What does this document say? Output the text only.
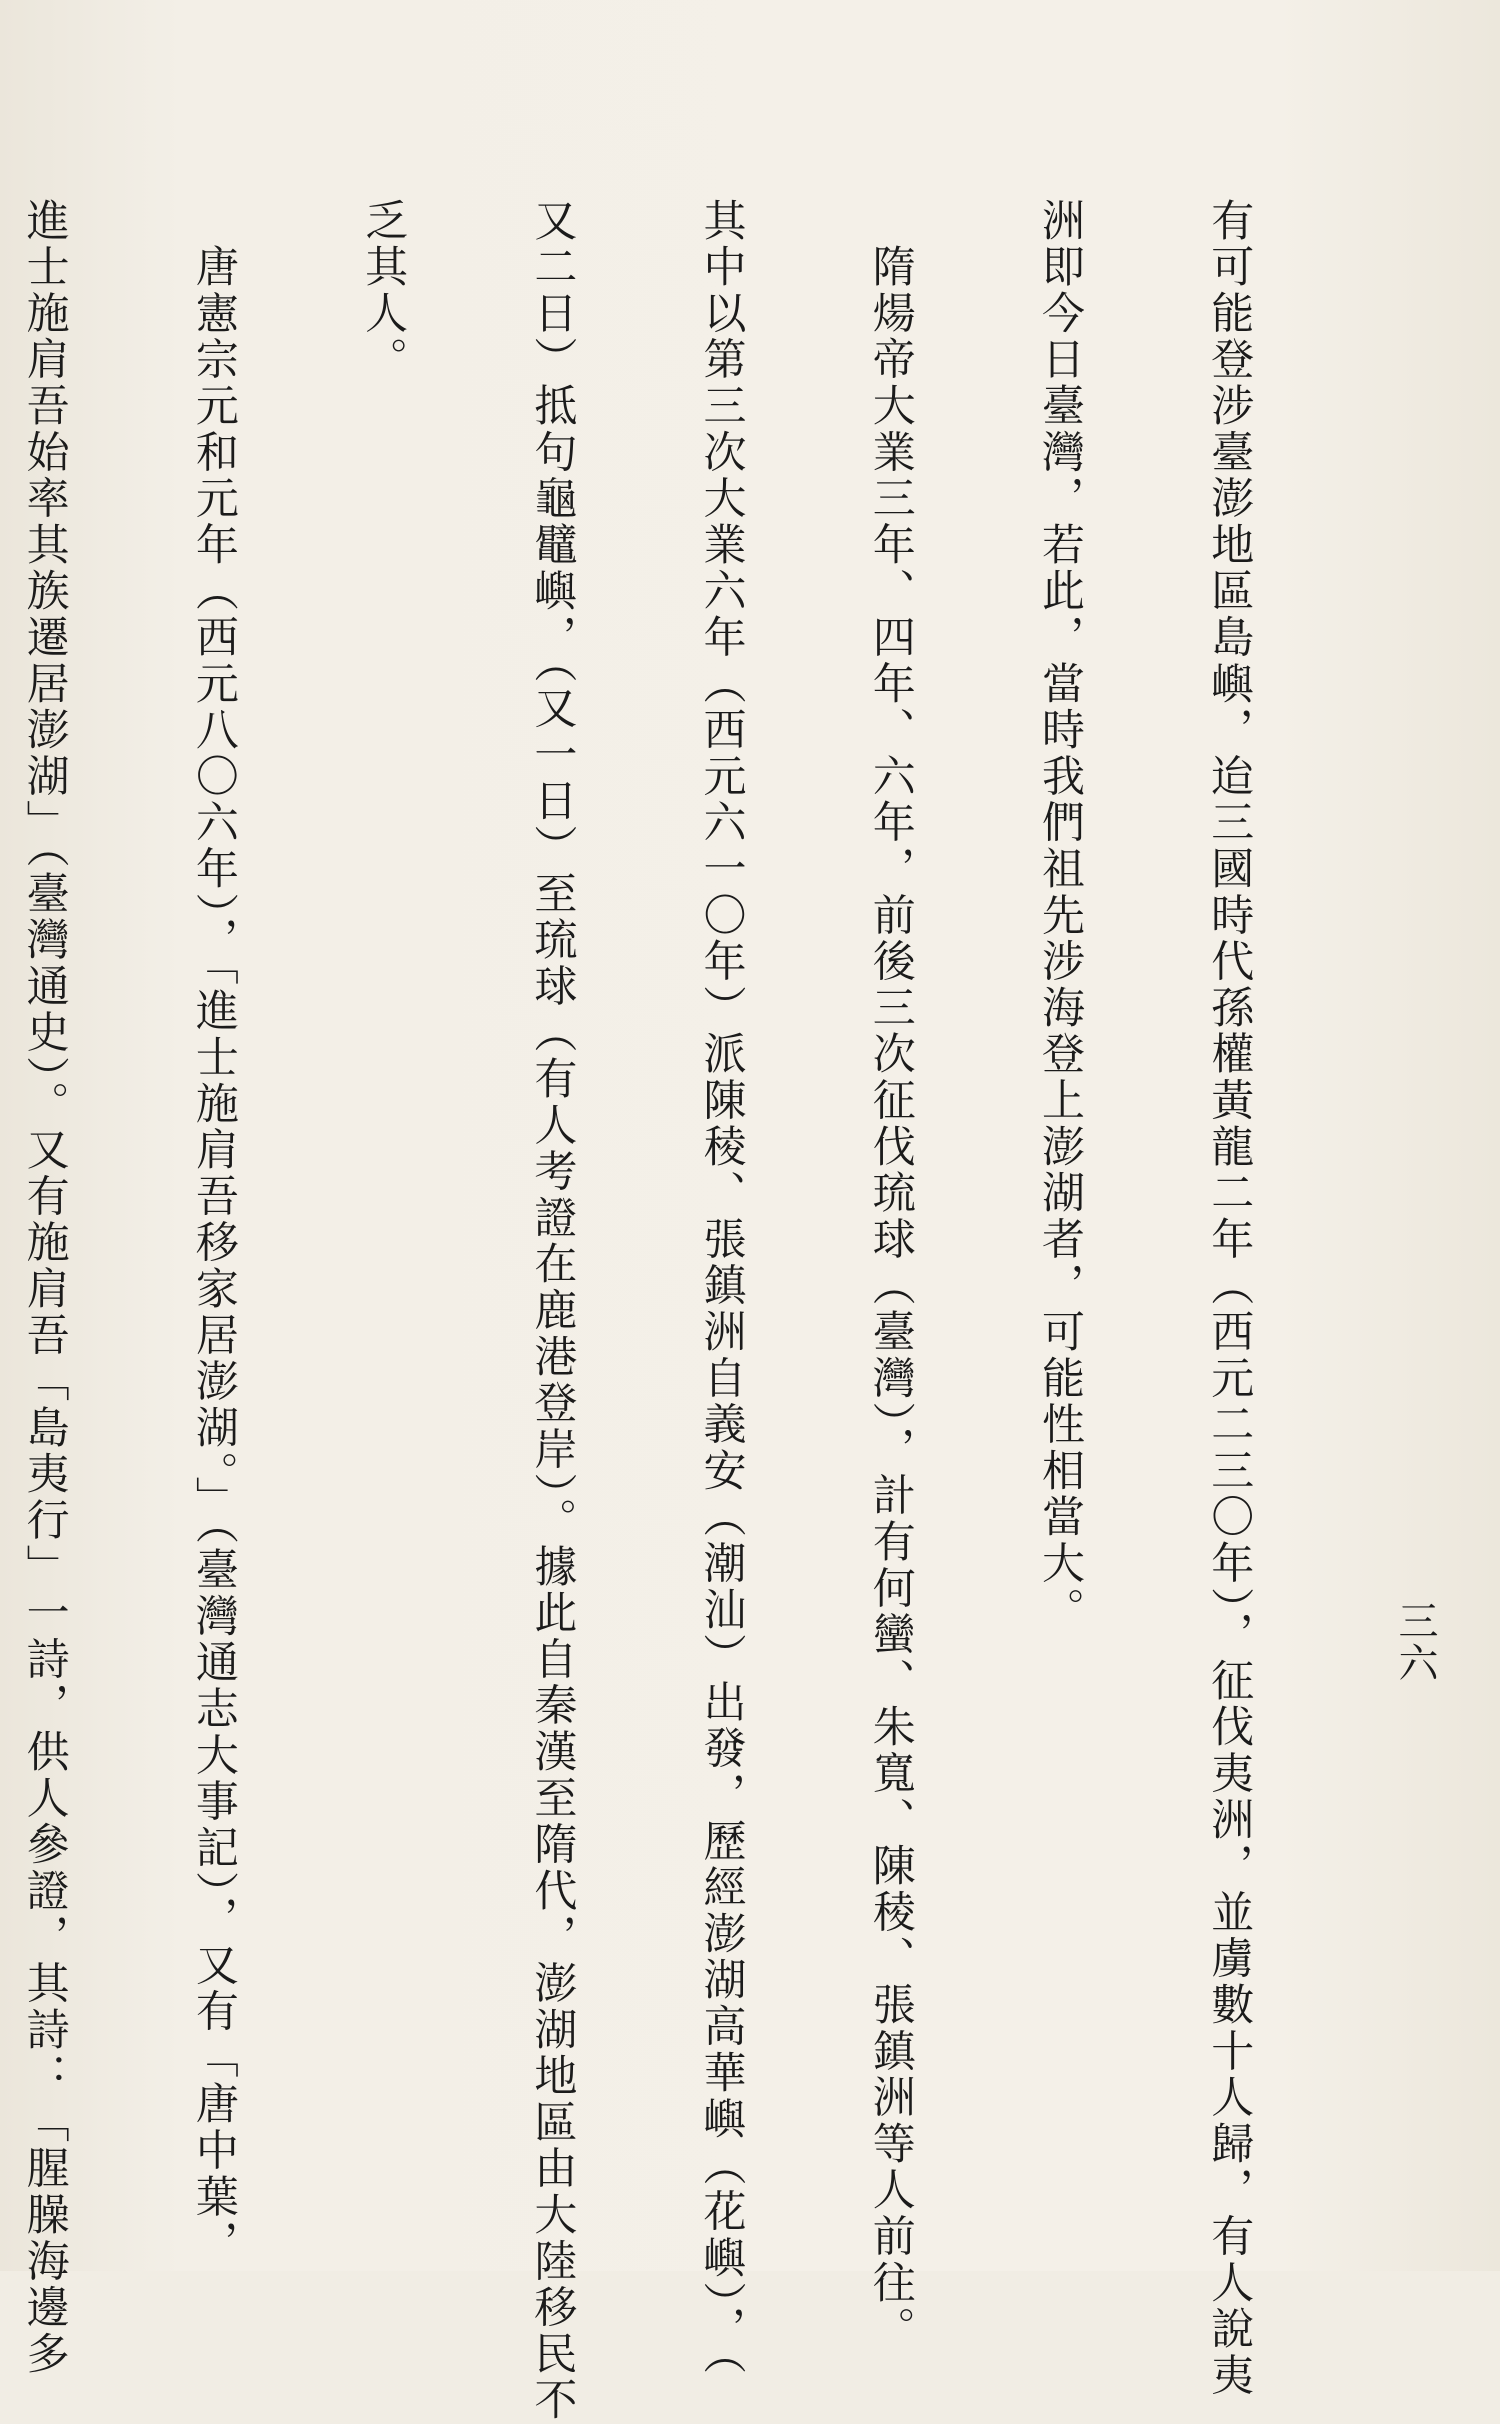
三六

有可能登涉臺澎地區島嶼，迨三國時代孫權黃龍二年（西元二三〇年），征伐夷洲，並虜數十人歸，有人說夷

洲即今日臺灣，若此，當時我們祖先涉海登上澎湖者，可能性相當大。

　隋煬帝大業三年、四年、六年，前後三次征伐琉球（臺灣），計有何蠻、朱寬、陳稜、張鎮洲等人前往。

其中以第三次大業六年（西元六一〇年）派陳稜、張鎮洲自義安（潮汕）出發，歷經澎湖高華嶼（花嶼），（

又二日）抵句龜鼊嶼，（又一日）至琉球（有人考證在鹿港登岸）。據此自秦漢至隋代，澎湖地區由大陸移民不

乏其人。

　唐憲宗元和元年（西元八〇六年），「進士施肩吾移家居澎湖。」（臺灣通志大事記），又有「唐中葉，

進士施肩吾始率其族遷居澎湖」（臺灣通史）。又有施肩吾「島夷行」一詩，供人參證，其詩：「腥臊海邊多
